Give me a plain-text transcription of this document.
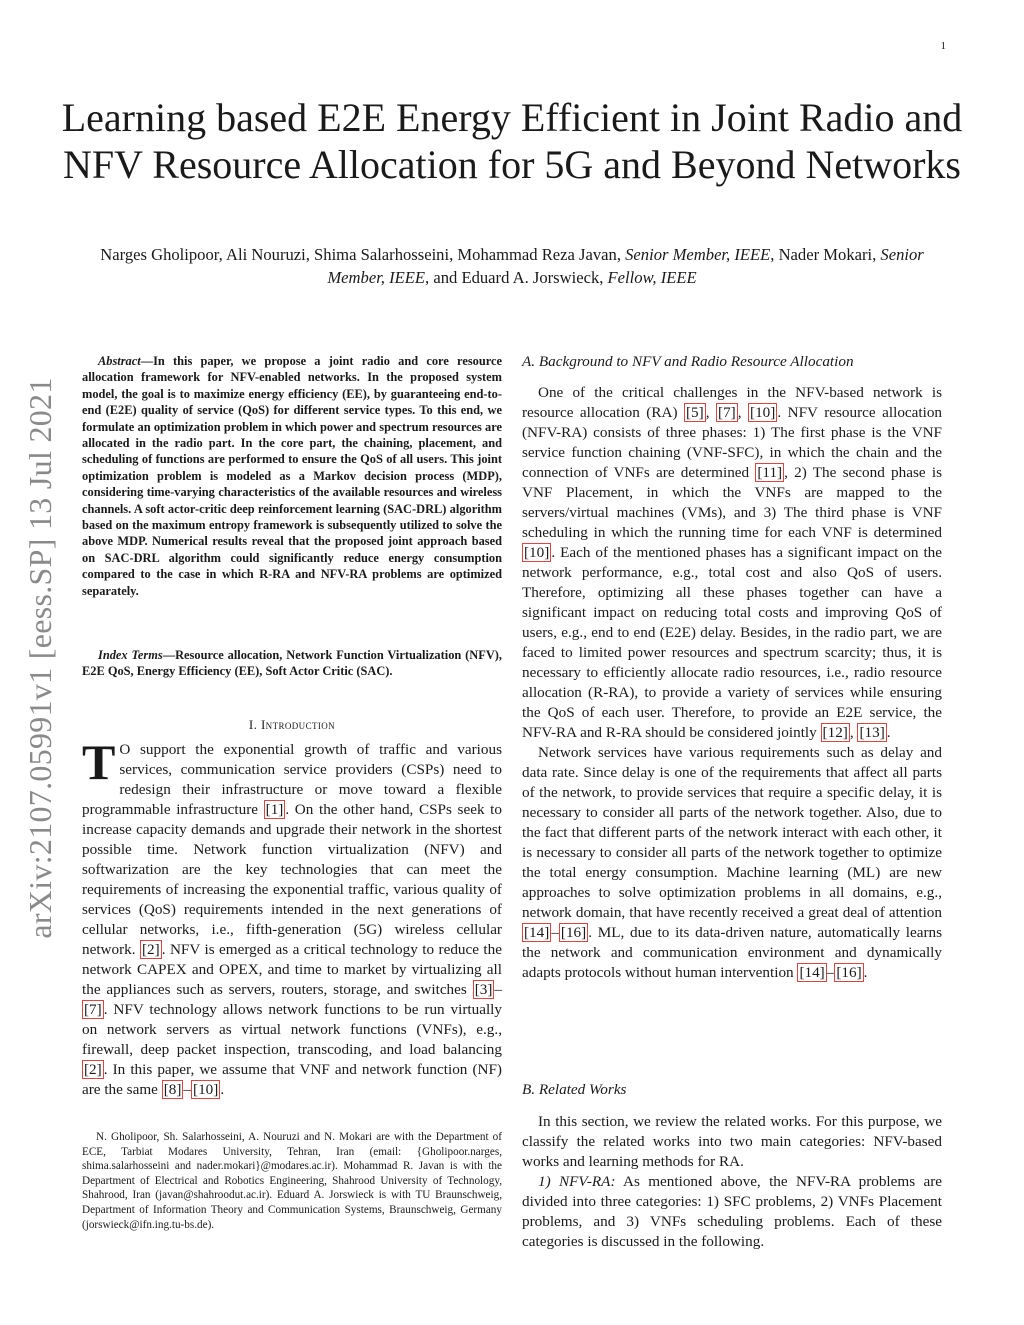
1
arXiv:2107.05991v1 [eess.SP] 13 Jul 2021
Learning based E2E Energy Efficient in Joint Radio and NFV Resource Allocation for 5G and Beyond Networks
Narges Gholipoor, Ali Nouruzi, Shima Salarhosseini, Mohammad Reza Javan, Senior Member, IEEE, Nader Mokari, Senior Member, IEEE, and Eduard A. Jorswieck, Fellow, IEEE
Abstract—In this paper, we propose a joint radio and core resource allocation framework for NFV-enabled networks. In the proposed system model, the goal is to maximize energy efficiency (EE), by guaranteeing end-to-end (E2E) quality of service (QoS) for different service types. To this end, we formulate an optimization problem in which power and spectrum resources are allocated in the radio part. In the core part, the chaining, placement, and scheduling of functions are performed to ensure the QoS of all users. This joint optimization problem is modeled as a Markov decision process (MDP), considering time-varying characteristics of the available resources and wireless channels. A soft actor-critic deep reinforcement learning (SAC-DRL) algorithm based on the maximum entropy framework is subsequently utilized to solve the above MDP. Numerical results reveal that the proposed joint approach based on SAC-DRL algorithm could significantly reduce energy consumption compared to the case in which R-RA and NFV-RA problems are optimized separately.
Index Terms—Resource allocation, Network Function Virtualization (NFV), E2E QoS, Energy Efficiency (EE), Soft Actor Critic (SAC).
I. Introduction
T O support the exponential growth of traffic and various services, communication service providers (CSPs) need to redesign their infrastructure or move toward a flexible programmable infrastructure [1] . On the other hand, CSPs seek to increase capacity demands and upgrade their network in the shortest possible time. Network function virtualization (NFV) and softwarization are the key technologies that can meet the requirements of increasing the exponential traffic, various quality of services (QoS) requirements intended in the next generations of cellular networks, i.e., fifth-generation (5G) wireless cellular network. [2] . NFV is emerged as a critical technology to reduce the network CAPEX and OPEX, and time to market by virtualizing all the appliances such as servers, routers, storage, and switches [3] –[7] . NFV technology allows network functions to be run virtually on network servers as virtual network functions (VNFs), e.g., firewall, deep packet inspection, transcoding, and load balancing [2] . In this paper, we assume that VNF and network function (NF) are the same [8] – [10] .
N. Gholipoor, Sh. Salarhosseini, A. Nouruzi and N. Mokari are with the Department of ECE, Tarbiat Modares University, Tehran, Iran (email: {Gholipoor.narges, shima.salarhosseini and nader.mokari}@modares.ac.ir). Mohammad R. Javan is with the Department of Electrical and Robotics Engineering, Shahrood University of Technology, Shahrood, Iran (javan@shahroodut.ac.ir). Eduard A. Jorswieck is with TU Braunschweig, Department of Information Theory and Communication Systems, Braunschweig, Germany (jorswieck@ifn.ing.tu-bs.de).
A. Background to NFV and Radio Resource Allocation

One of the critical challenges in the NFV-based network is resource allocation (RA) [5] , [7] , [10] . NFV resource allocation (NFV-RA) consists of three phases: 1) The first phase is the VNF service function chaining (VNF-SFC), in which the chain and the connection of VNFs are determined [11] , 2) The second phase is VNF Placement, in which the VNFs are mapped to the servers/virtual machines (VMs), and 3) The third phase is VNF scheduling in which the running time for each VNF is determined [10] . Each of the mentioned phases has a significant impact on the network performance, e.g., total cost and also QoS of users. Therefore, optimizing all these phases together can have a significant impact on reducing total costs and improving QoS of users, e.g., end to end (E2E) delay. Besides, in the radio part, we are faced to limited power resources and spectrum scarcity; thus, it is necessary to efficiently allocate radio resources, i.e., radio resource allocation (R-RA), to provide a variety of services while ensuring the QoS of each user. Therefore, to provide an E2E service, the NFV-RA and R-RA should be considered jointly [12] , [13] .

Network services have various requirements such as delay and data rate. Since delay is one of the requirements that affect all parts of the network, to provide services that require a specific delay, it is necessary to consider all parts of the network together. Also, due to the fact that different parts of the network interact with each other, it is necessary to consider all parts of the network together to optimize the total energy consumption. Machine learning (ML) are new approaches to solve optimization problems in all domains, e.g., network domain, that have recently received a great deal of attention [14] – [16] . ML, due to its data-driven nature, automatically learns the network and communication environment and dynamically adapts protocols without human intervention [14] – [16] .

B. Related Works

In this section, we review the related works. For this purpose, we classify the related works into two main categories: NFV-based works and learning methods for RA.

1) NFV-RA: As mentioned above, the NFV-RA problems are divided into three categories: 1) SFC problems, 2) VNFs Placement problems, and 3) VNFs scheduling problems. Each of these categories is discussed in the following.
